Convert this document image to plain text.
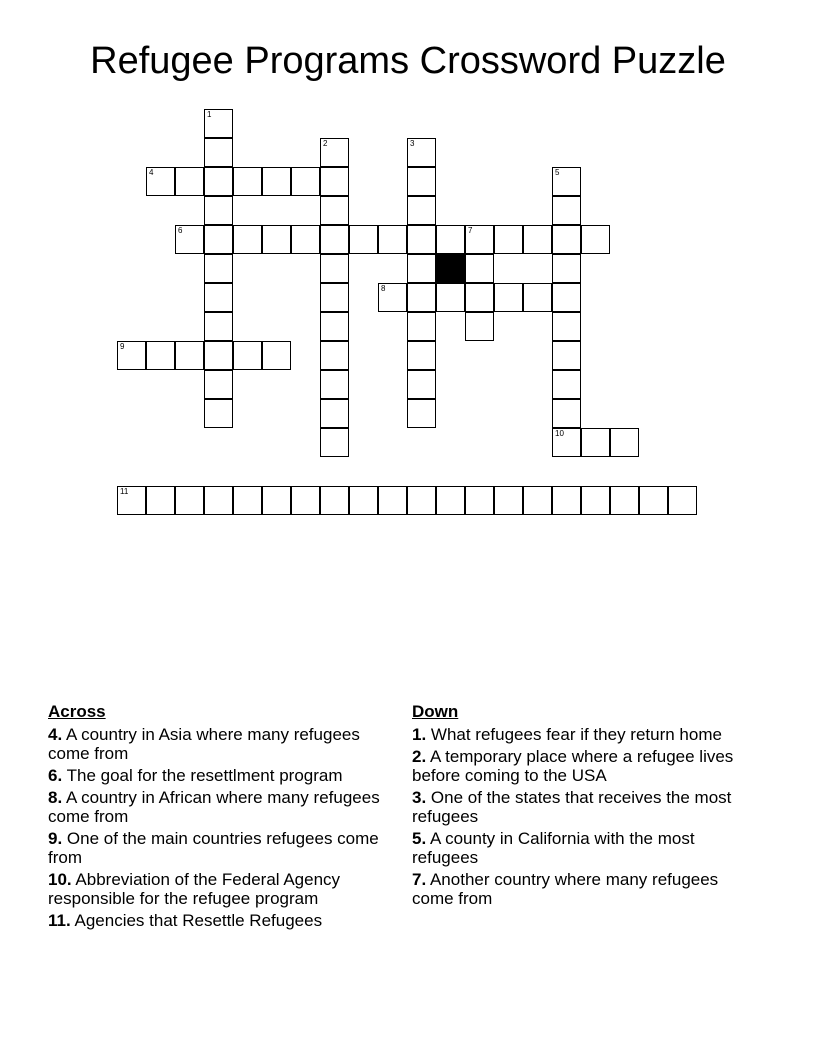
Refugee Programs Crossword Puzzle
1
2	3
4	5
6	7
8
9
10
11
Across
4. A country in Asia where many refugees come from
6. The goal for the resettlment program
8. A country in African where many refugees come from
9. One of the main countries refugees come from
10. Abbreviation of the Federal Agency responsible for the refugee program
11. Agencies that Resettle Refugees
Down
1. What refugees fear if they return home
2. A temporary place where a refugee lives before coming to the USA
3. One of the states that receives the most refugees
5. A county in California with the most refugees
7. Another country where many refugees come from
